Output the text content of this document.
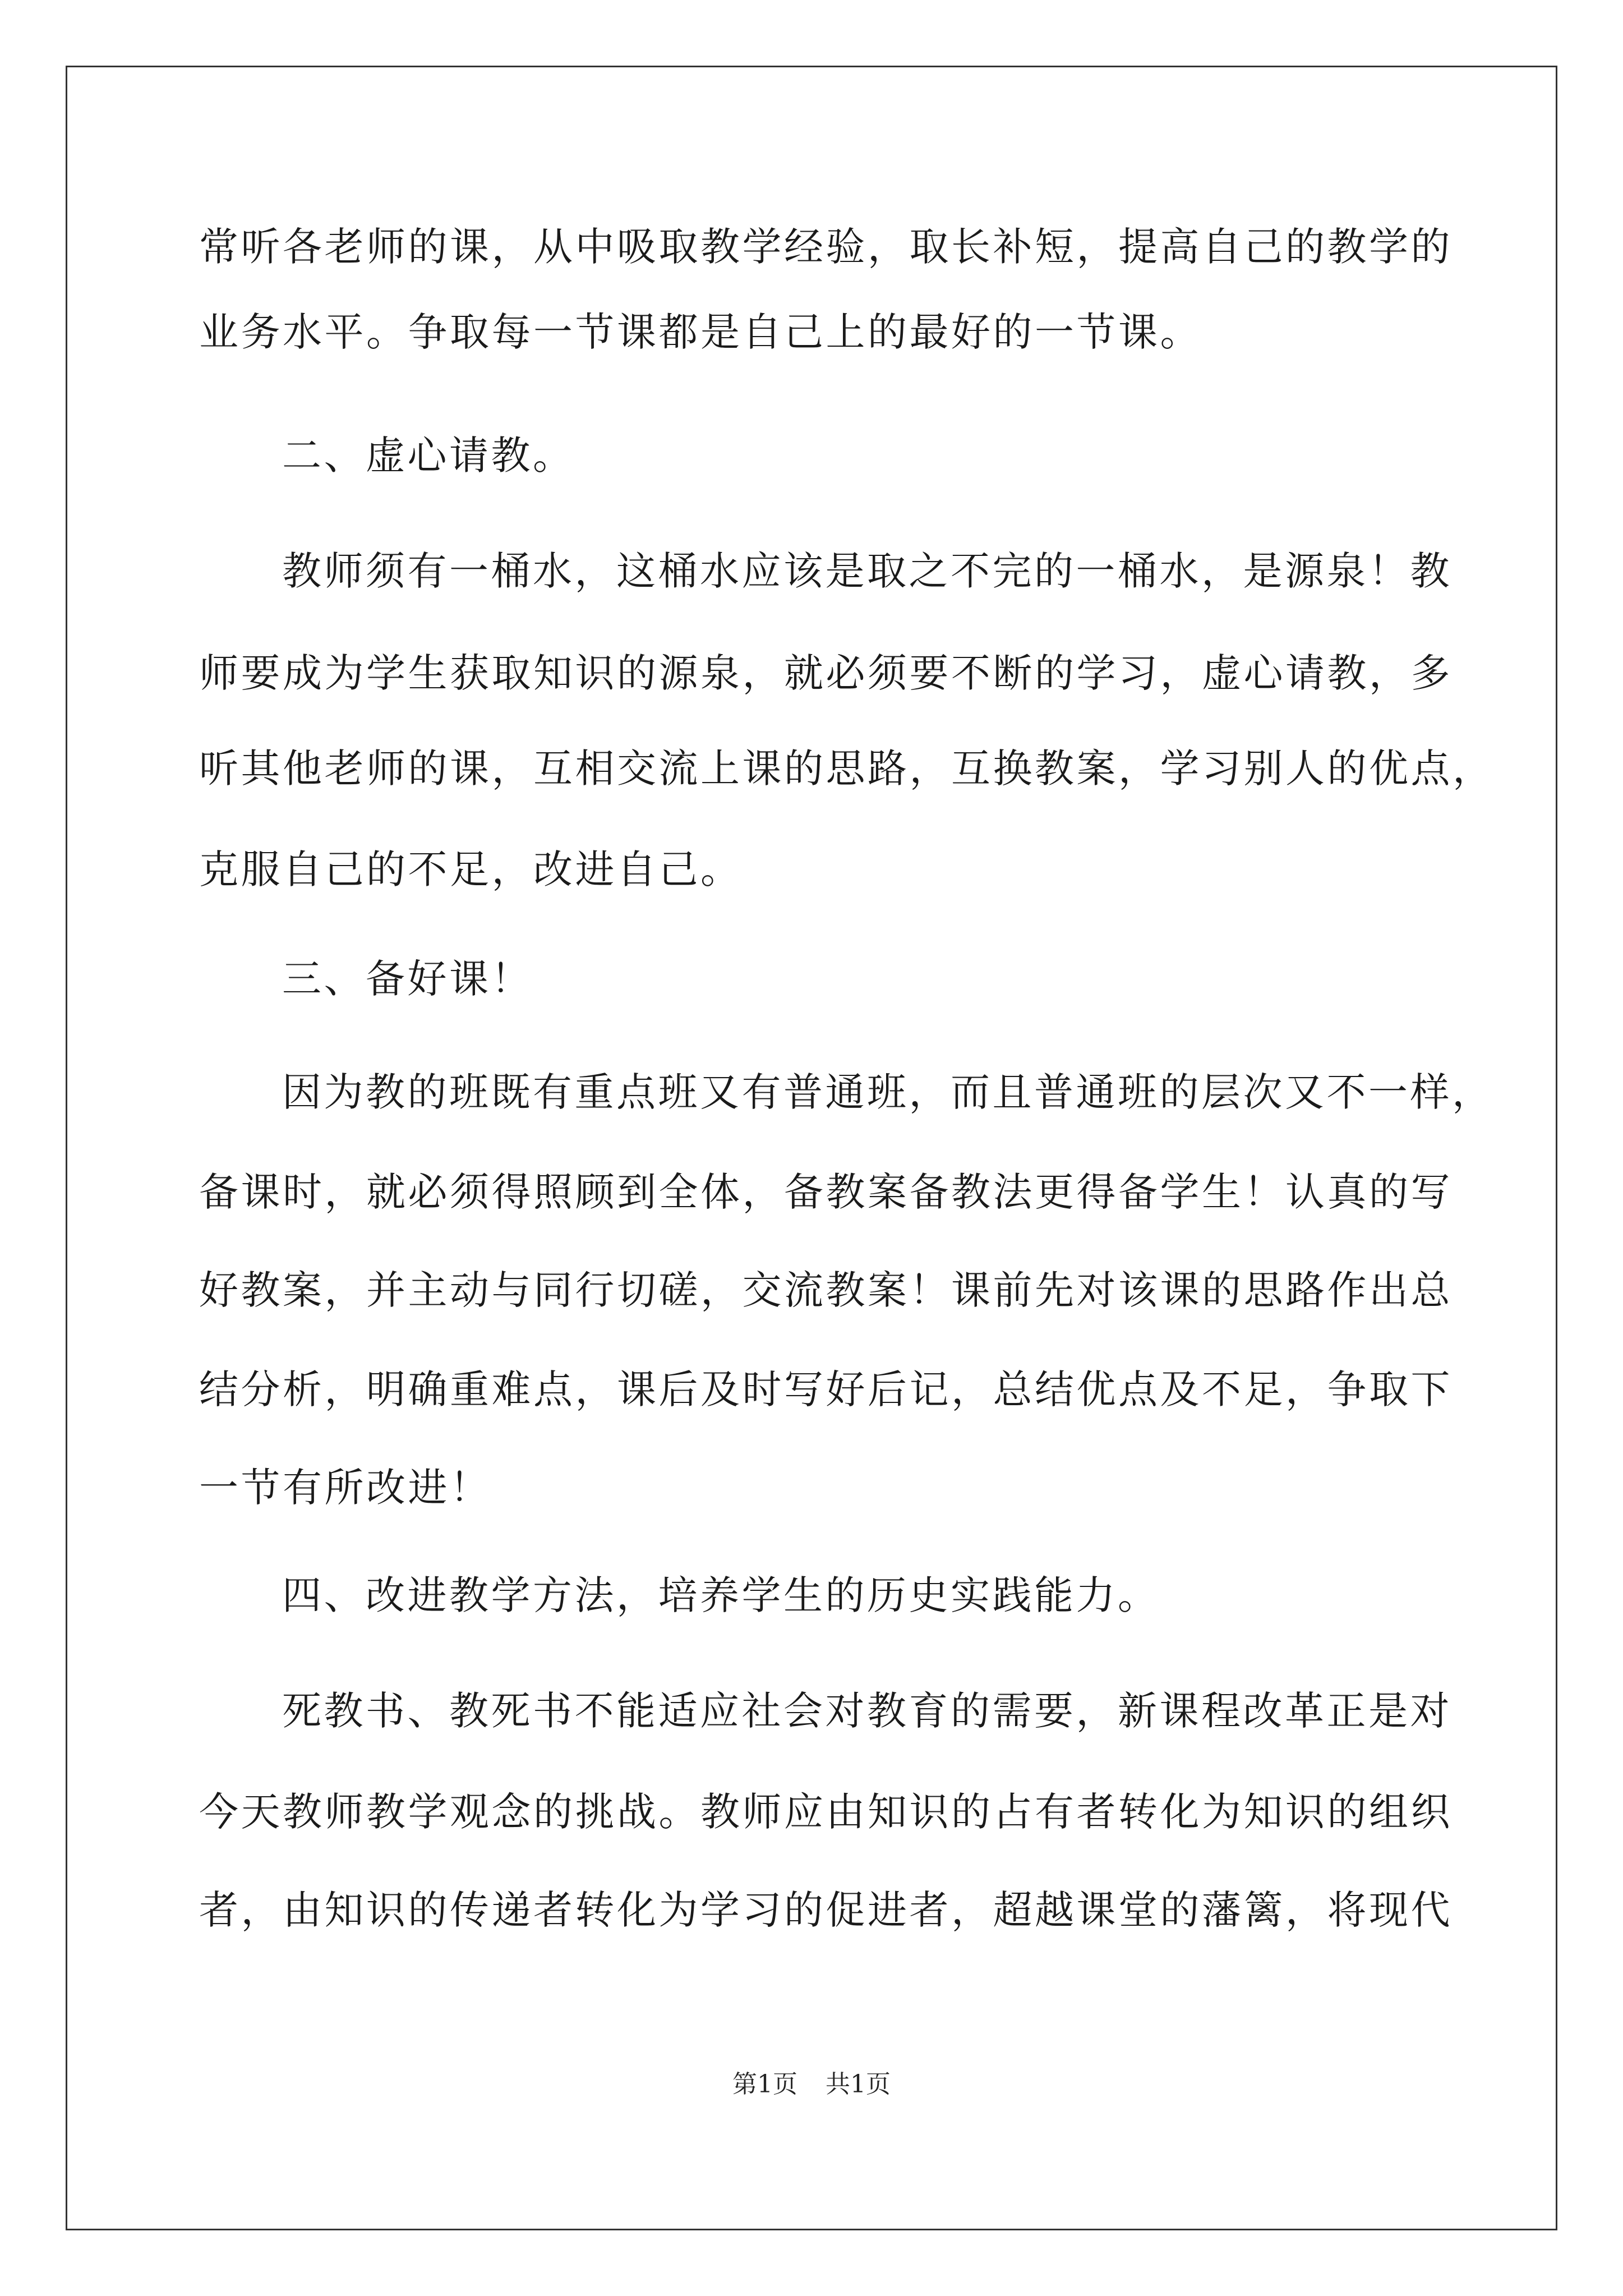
常听各老师的课，从中吸取教学经验，取长补短，提高自己的教学的
业务水平。争取每一节课都是自己上的最好的一节课。
二、虚心请教。
教师须有一桶水，这桶水应该是取之不完的一桶水，是源泉！教
师要成为学生获取知识的源泉，就必须要不断的学习，虚心请教，多
听其他老师的课，互相交流上课的思路，互换教案，学习别人的优点，
克服自己的不足，改进自己。
三、备好课！
因为教的班既有重点班又有普通班，而且普通班的层次又不一样，
备课时，就必须得照顾到全体，备教案备教法更得备学生！认真的写
好教案，并主动与同行切磋，交流教案！课前先对该课的思路作出总
结分析，明确重难点，课后及时写好后记，总结优点及不足，争取下
一节有所改进！
四、改进教学方法，培养学生的历史实践能力。
死教书、教死书不能适应社会对教育的需要，新课程改革正是对
今天教师教学观念的挑战。教师应由知识的占有者转化为知识的组织
者，由知识的传递者转化为学习的促进者，超越课堂的藩篱，将现代
第1页 共1页
